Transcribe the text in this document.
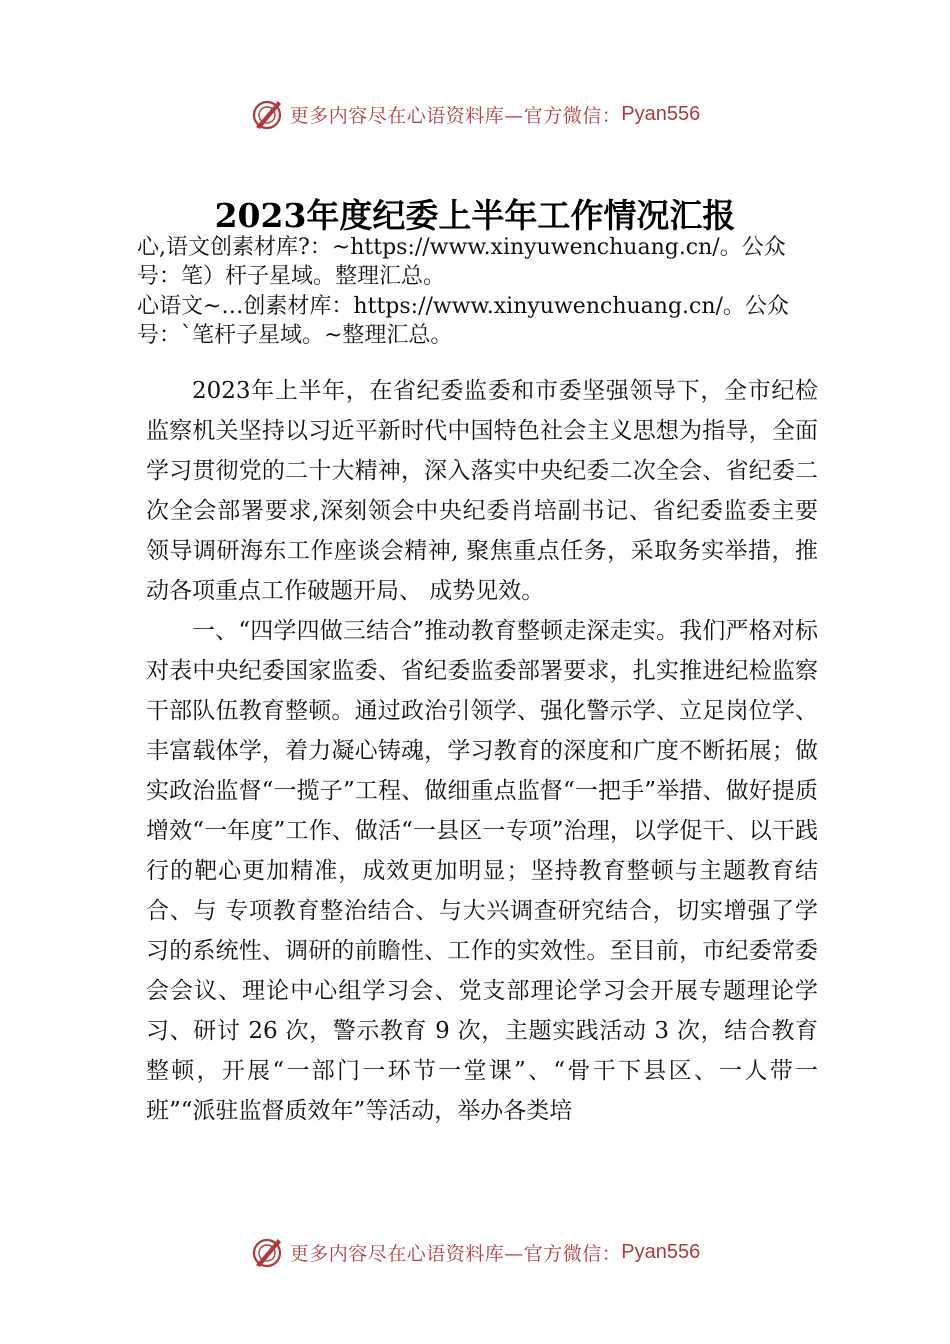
更多内容尽在心语资料库—官方微信： Pyan556
2023年度纪委上半年工作情况汇报
心,语文创素材库?：~https://www.xinyuwenchuang.cn/。公众
号：笔）杆子星域。整理汇总。
心语文~…创素材库：https://www.xinyuwenchuang.cn/。公众
号：`笔杆子星域。~整理汇总。

2023年上半年，在省纪委监委和市委坚强领导下，全市纪检监察机关坚持以习近平新时代中国特色社会主义思想为指导，全面学习贯彻党的二十大精神，深入落实中央纪委二次全会、省纪委二次全会部署要求,深刻领会中央纪委肖培副书记、省纪委监委主要领导调研海东工作座谈会精神, 聚焦重点任务，采取务实举措，推动各项重点工作破题开局、 成势见效。

一、“四学四做三结合”推动教育整顿走深走实。我们严格对标对表中央纪委国家监委、省纪委监委部署要求，扎实推进纪检监察干部队伍教育整顿。通过政治引领学、强化警示学、立足岗位学、丰富载体学，着力凝心铸魂，学习教育的深度和广度不断拓展；做实政治监督“一揽子”工程、做细重点监督“一把手”举措、做好提质增效“一年度”工作、做活“一县区一专项”治理，以学促干、以干践行的靶心更加精准，成效更加明显；坚持教育整顿与主题教育结合、与 专项教育整治结合、与大兴调查研究结合，切实增强了学习的系统性、调研的前瞻性、工作的实效性。至目前，市纪委常委会会议、理论中心组学习会、党支部理论学习会开展专题理论学习、研讨 26 次，警示教育 9 次，主题实践活动 3 次，结合教育整顿，开展“一部门一环节一堂课”、“骨干下县区、一人带一班”“派驻监督质效年”等活动，举办各类培

更多内容尽在心语资料库—官方微信： Pyan556
